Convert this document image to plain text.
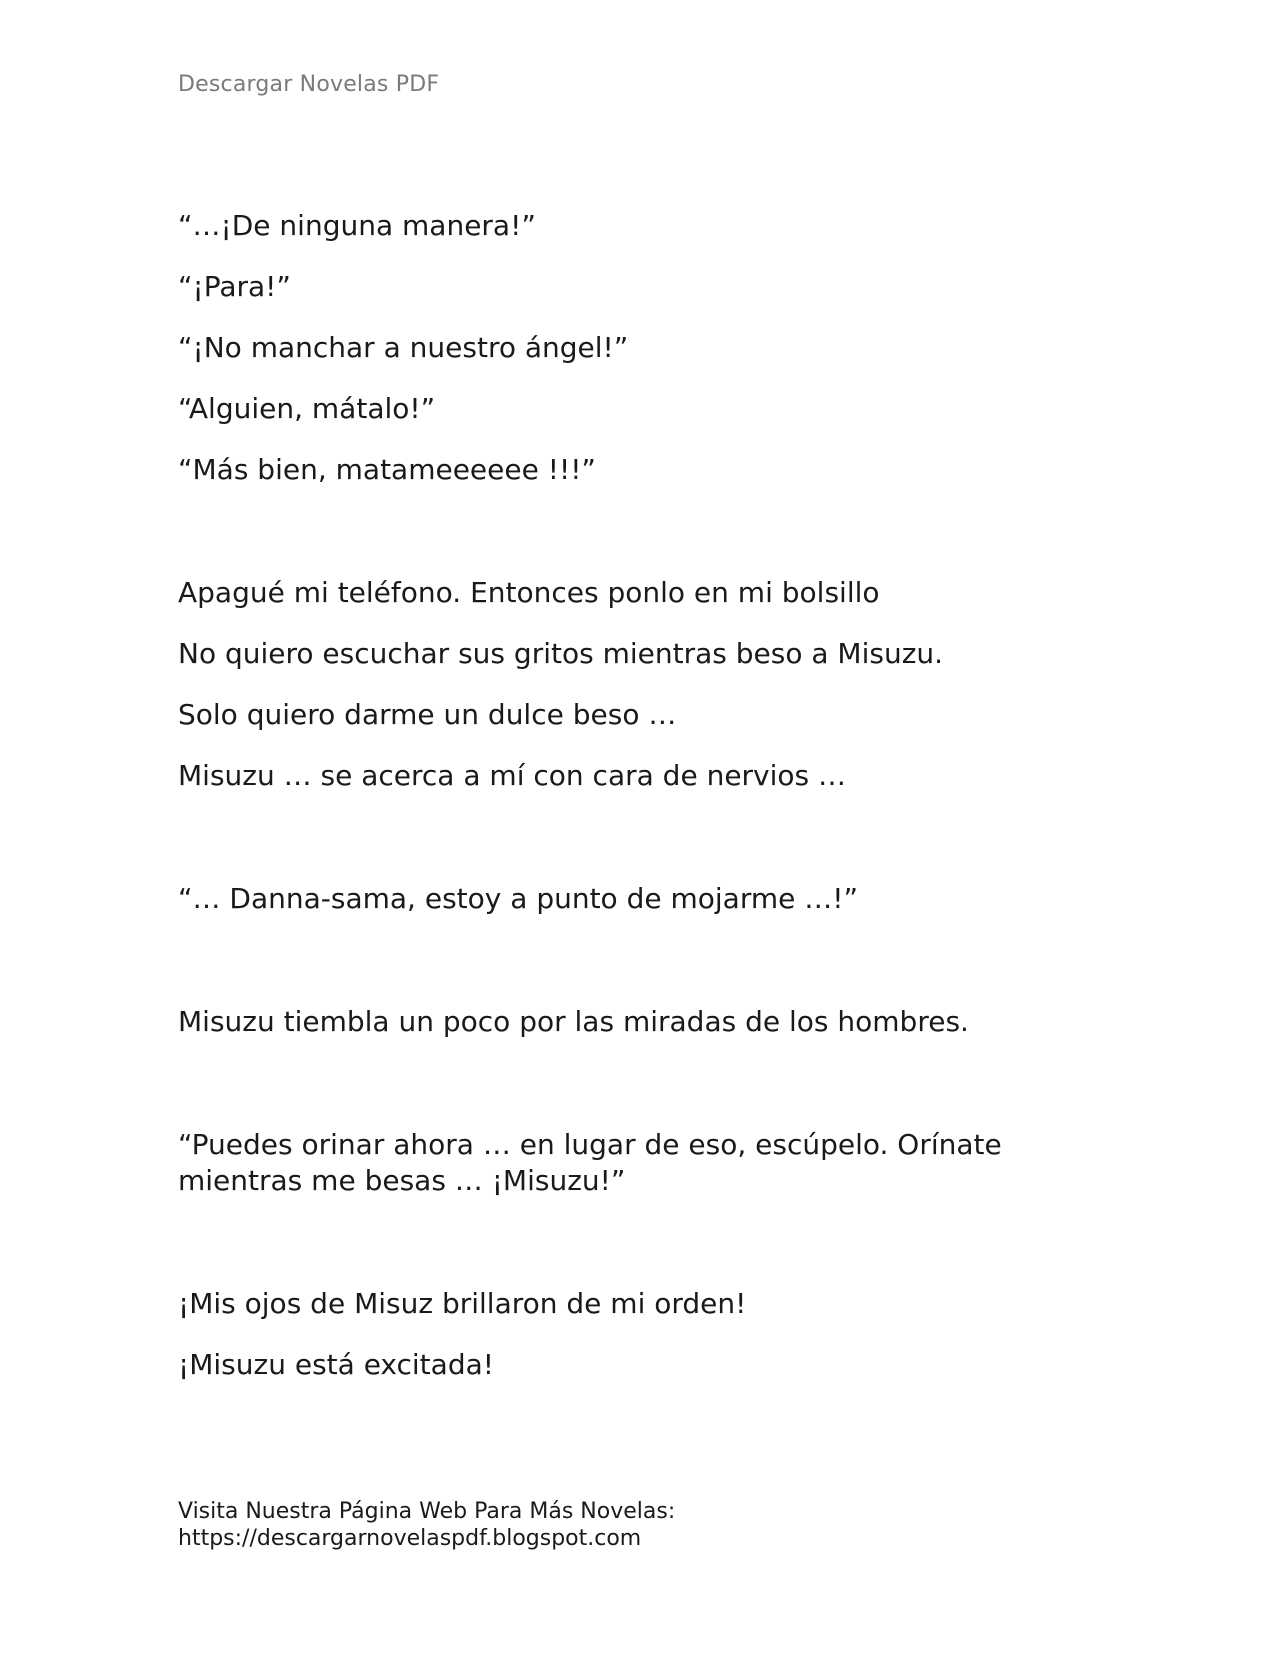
Descargar Novelas PDF
“…¡De ninguna manera!”
“¡Para!”
“¡No manchar a nuestro ángel!”
“Alguien, mátalo!”
“Más bien, matameeeeee !!!”
Apagué mi teléfono. Entonces ponlo en mi bolsillo
No quiero escuchar sus gritos mientras beso a Misuzu.
Solo quiero darme un dulce beso …
Misuzu … se acerca a mí con cara de nervios …
“… Danna-sama, estoy a punto de mojarme …!”
Misuzu tiembla un poco por las miradas de los hombres.
“Puedes orinar ahora … en lugar de eso, escúpelo. Orínate mientras me besas … ¡Misuzu!”
¡Mis ojos de Misuz brillaron de mi orden!
¡Misuzu está excitada!
Visita Nuestra Página Web Para Más Novelas:
https://descargarnovelaspdf.blogspot.com
